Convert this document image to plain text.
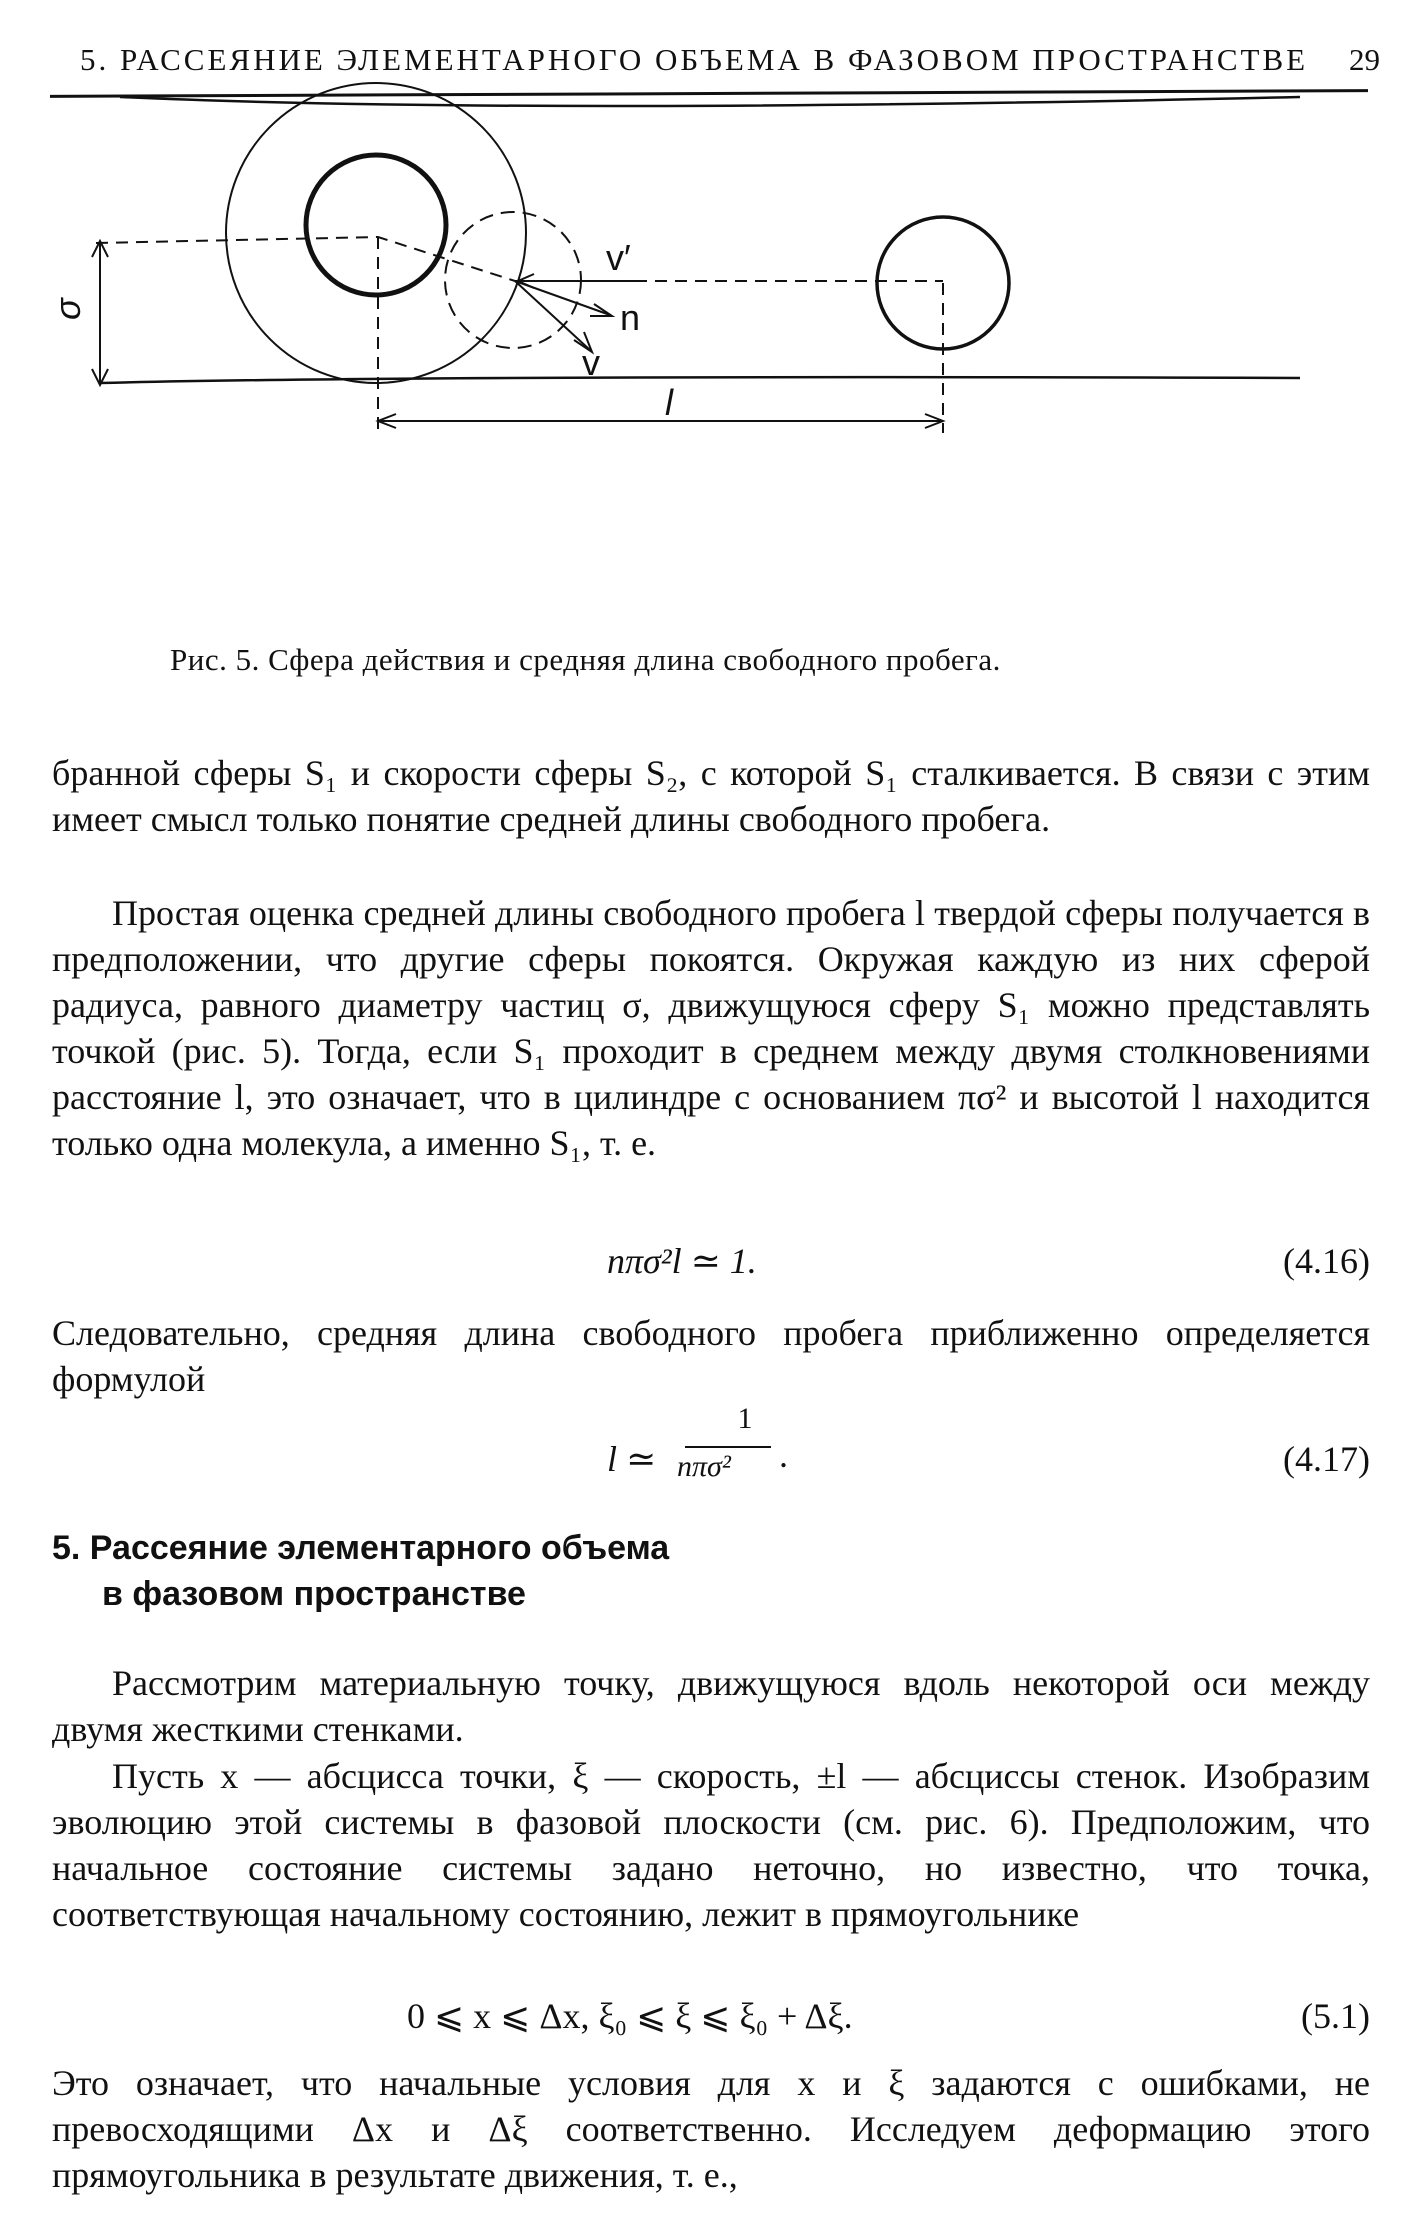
5. РАССЕЯНИЕ ЭЛЕМЕНТАРНОГО ОБЪЕМА В ФАЗОВОМ ПРОСТРАНСТВЕ 29
σ
l
v′
n
v
Рис. 5. Сфера действия и средняя длина свободного пробега.
бранной сферы S₁ и скорости сферы S₂, с которой S₁ сталкивается. В связи с этим имеет смысл только понятие средней длины свободного пробега.
Простая оценка средней длины свободного пробега l твердой сферы получается в предположении, что другие сферы покоятся. Окружая каждую из них сферой радиуса, равного диаметру частиц σ, движущуюся сферу S₁ можно представлять точкой (рис. 5). Тогда, если S₁ проходит в среднем между двумя столкновениями расстояние l, это означает, что в цилиндре с основанием πσ² и высотой l находится только одна молекула, а именно S₁, т. е.
nπσ²l ≃ 1.	(4.16)
Следовательно, средняя длина свободного пробега приближенно определяется формулой
l ≃
1
nπσ² .	(4.17)
5. Рассеяние элементарного объема
в фазовом пространстве
Рассмотрим материальную точку, движущуюся вдоль некоторой оси между двумя жесткими стенками.
Пусть x — абсцисса точки, ξ — скорость, ±l — абсциссы стенок. Изобразим эволюцию этой системы в фазовой плоскости (см. рис. 6). Предположим, что начальное состояние системы задано неточно, но известно, что точка, соответствующая начальному состоянию, лежит в прямоугольнике
0 ⩽ x ⩽ Δx, ξ₀ ⩽ ξ ⩽ ξ₀ + Δξ.	(5.1)
Это означает, что начальные условия для x и ξ задаются с ошибками, не превосходящими Δx и Δξ соответственно. Исследуем деформацию этого прямоугольника в результате движения, т. е.,
